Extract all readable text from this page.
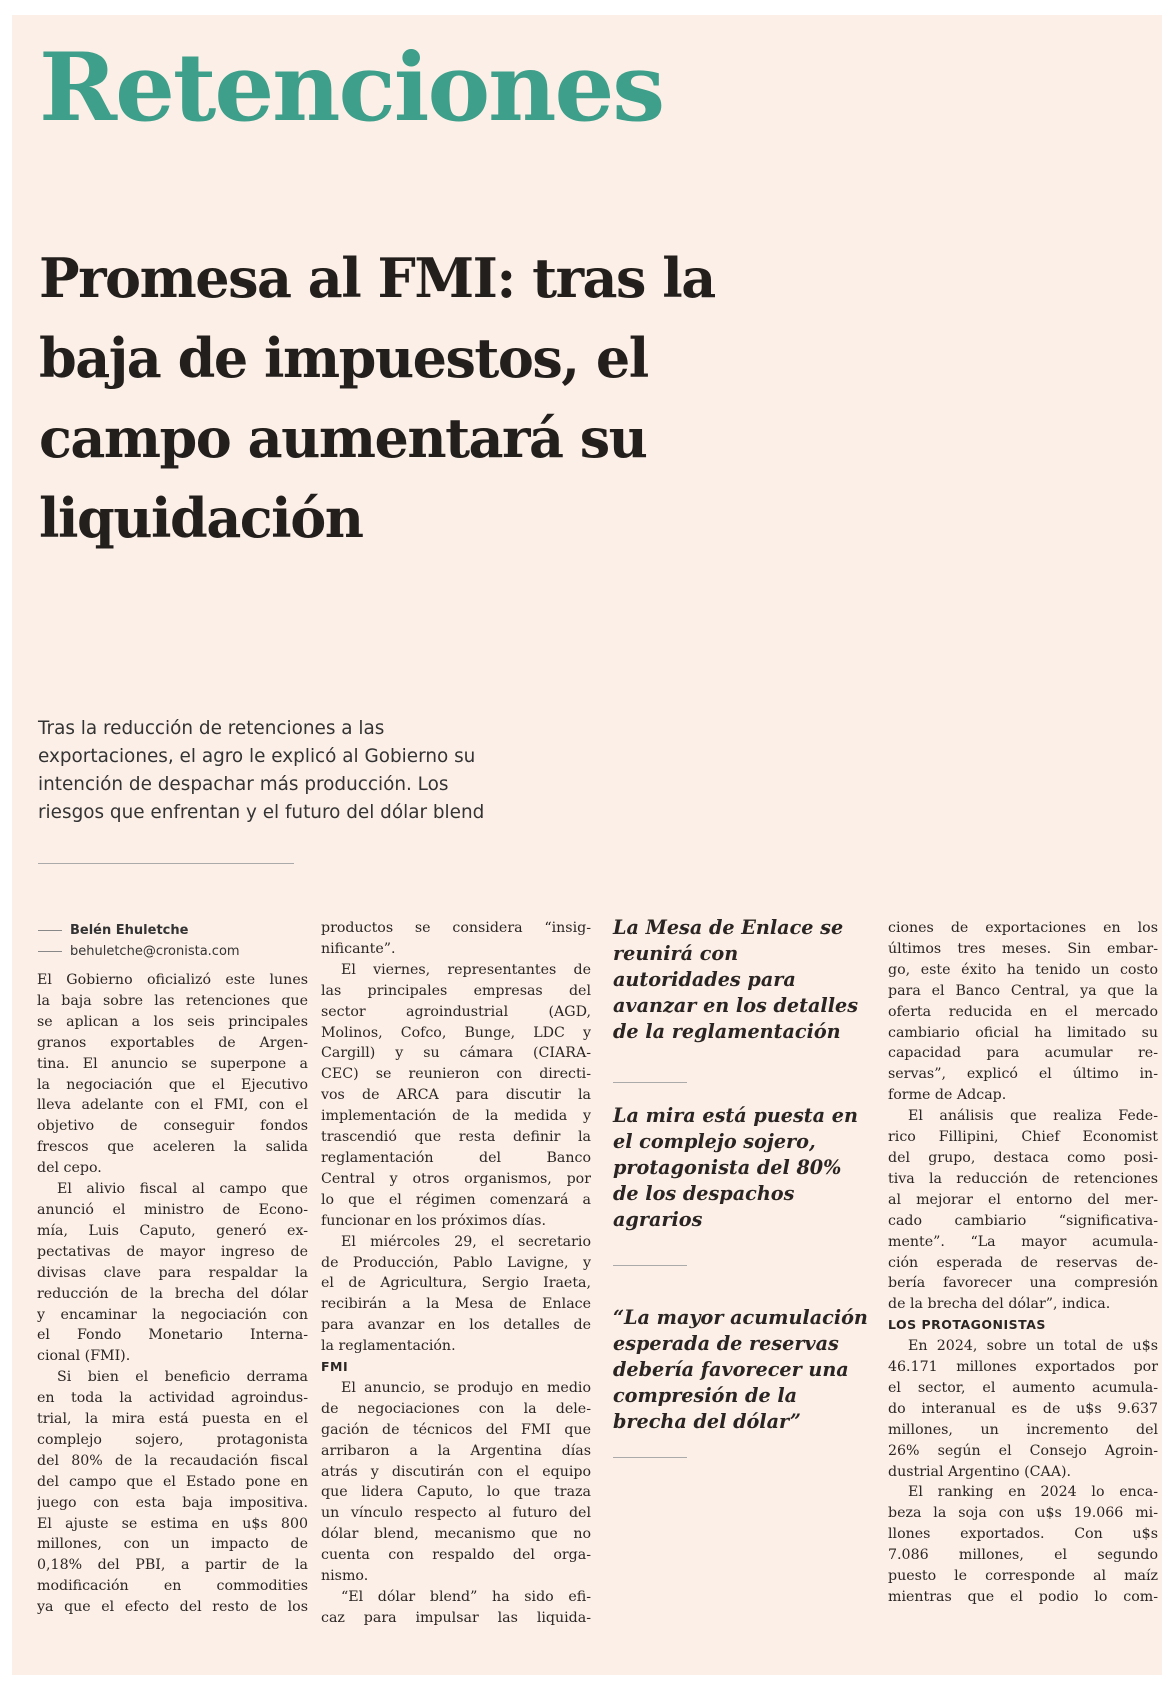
Retenciones
Promesa al FMI: tras la
baja de impuestos, el
campo aumentará su
liquidación
Tras la reducción de retenciones a las
exportaciones, el agro le explicó al Gobierno su
intención de despachar más producción. Los
riesgos que enfrentan y el futuro del dólar blend
Belén Ehuletche
behuletche@cronista.com
El Gobierno oficializó este lunes
la baja sobre las retenciones que
se aplican a los seis principales
granos exportables de Argen-
tina. El anuncio se superpone a
la negociación que el Ejecutivo
lleva adelante con el FMI, con el
objetivo de conseguir fondos
frescos que aceleren la salida
del cepo.
El alivio fiscal al campo que
anunció el ministro de Econo-
mía, Luis Caputo, generó ex-
pectativas de mayor ingreso de
divisas clave para respaldar la
reducción de la brecha del dólar
y encaminar la negociación con
el Fondo Monetario Interna-
cional (FMI).
Si bien el beneficio derrama
en toda la actividad agroindus-
trial, la mira está puesta en el
complejo sojero, protagonista
del 80% de la recaudación fiscal
del campo que el Estado pone en
juego con esta baja impositiva.
El ajuste se estima en u$s 800
millones, con un impacto de
0,18% del PBI, a partir de la
modificación en commodities
ya que el efecto del resto de los
productos se considera “insig-
nificante”.
El viernes, representantes de
las principales empresas del
sector agroindustrial (AGD,
Molinos, Cofco, Bunge, LDC y
Cargill) y su cámara (CIARA-
CEC) se reunieron con directi-
vos de ARCA para discutir la
implementación de la medida y
trascendió que resta definir la
reglamentación del Banco
Central y otros organismos, por
lo que el régimen comenzará a
funcionar en los próximos días.
El miércoles 29, el secretario
de Producción, Pablo Lavigne, y
el de Agricultura, Sergio Iraeta,
recibirán a la Mesa de Enlace
para avanzar en los detalles de
la reglamentación.
FMI
El anuncio, se produjo en medio
de negociaciones con la dele-
gación de técnicos del FMI que
arribaron a la Argentina días
atrás y discutirán con el equipo
que lidera Caputo, lo que traza
un vínculo respecto al futuro del
dólar blend, mecanismo que no
cuenta con respaldo del orga-
nismo.
“El dólar blend” ha sido efi-
caz para impulsar las liquida-
ciones de exportaciones en los
últimos tres meses. Sin embar-
go, este éxito ha tenido un costo
para el Banco Central, ya que la
oferta reducida en el mercado
cambiario oficial ha limitado su
capacidad para acumular re-
servas”, explicó el último in-
forme de Adcap.
El análisis que realiza Fede-
rico Fillipini, Chief Economist
del grupo, destaca como posi-
tiva la reducción de retenciones
al mejorar el entorno del mer-
cado cambiario “significativa-
mente”. “La mayor acumula-
ción esperada de reservas de-
bería favorecer una compresión
de la brecha del dólar”, indica.
LOS PROTAGONISTAS
En 2024, sobre un total de u$s
46.171 millones exportados por
el sector, el aumento acumula-
do interanual es de u$s 9.637
millones, un incremento del
26% según el Consejo Agroin-
dustrial Argentino (CAA).
El ranking en 2024 lo enca-
beza la soja con u$s 19.066 mi-
llones exportados. Con u$s
7.086 millones, el segundo
puesto le corresponde al maíz
mientras que el podio lo com-
La Mesa de Enlace se
reunirá con
autoridades para
avanzar en los detalles
de la reglamentación
La mira está puesta en
el complejo sojero,
protagonista del 80%
de los despachos
agrarios
“La mayor acumulación
esperada de reservas
debería favorecer una
compresión de la
brecha del dólar”
